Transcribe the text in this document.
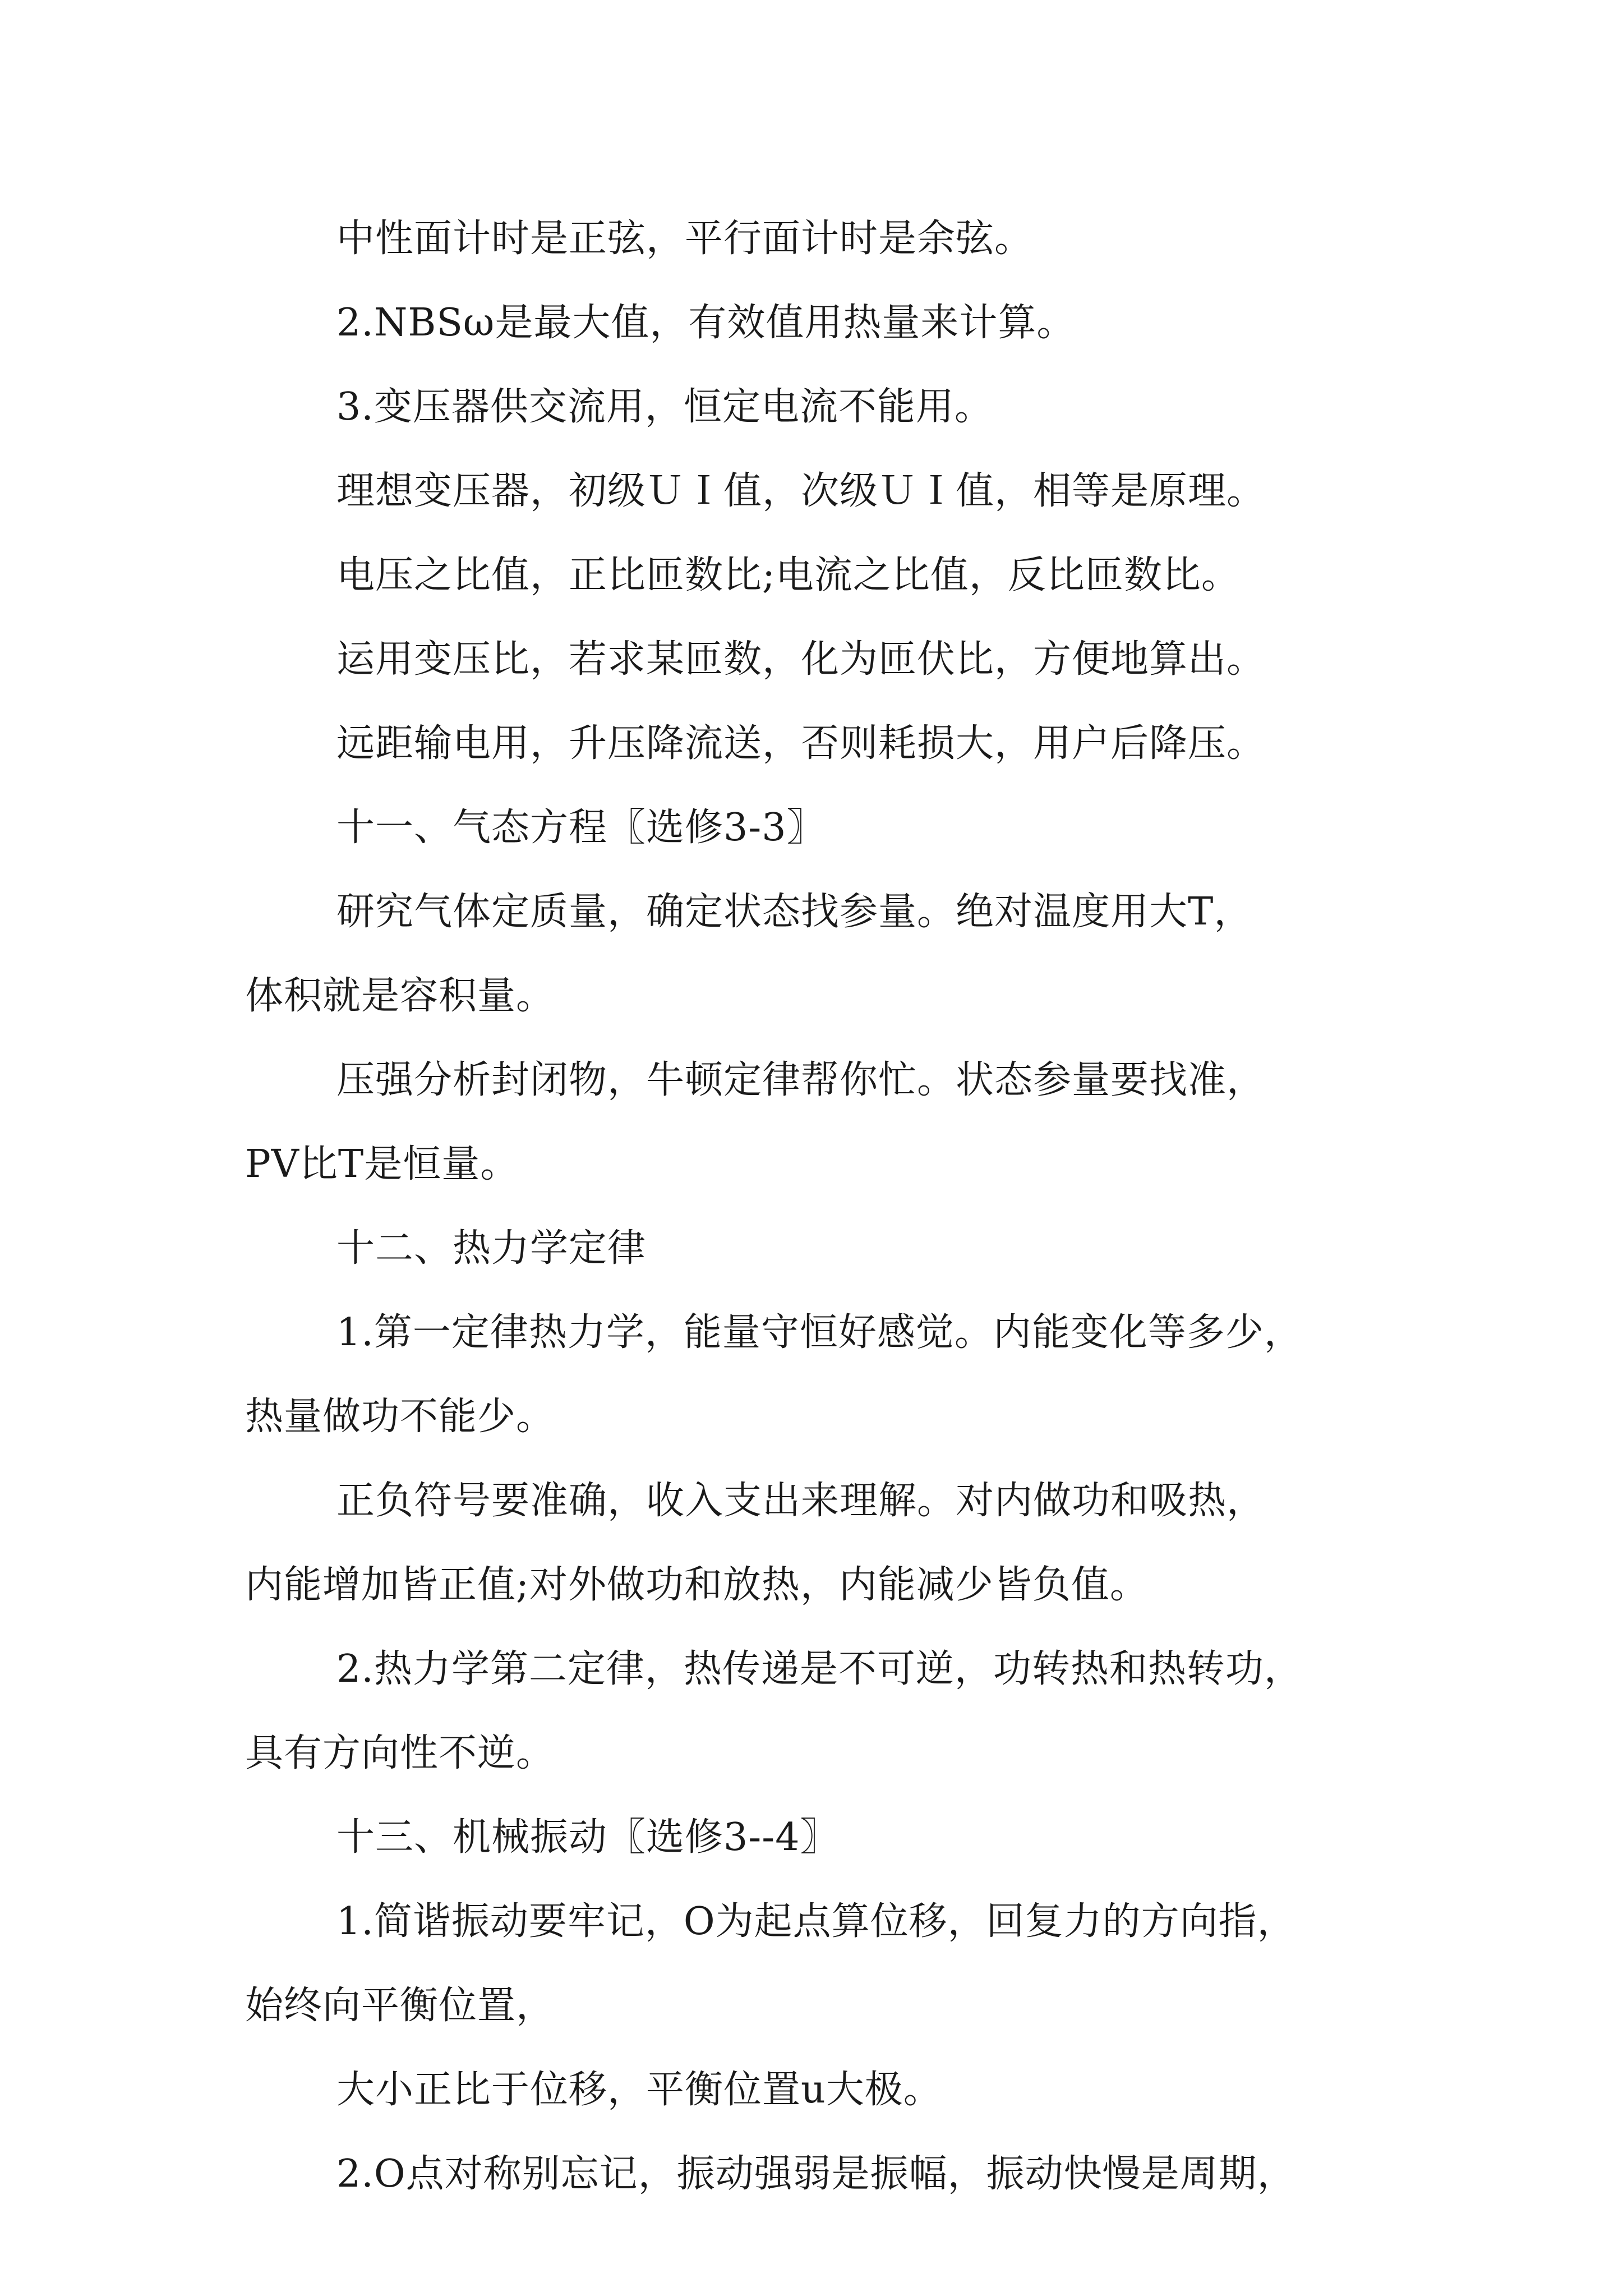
中性面计时是正弦，平行面计时是余弦。
2.NBSω是最大值，有效值用热量来计算。
3.变压器供交流用，恒定电流不能用。
理想变压器，初级ＵＩ值，次级ＵＩ值，相等是原理。
电压之比值，正比匝数比;电流之比值，反比匝数比。
运用变压比，若求某匝数，化为匝伏比，方便地算出。
远距输电用，升压降流送，否则耗损大，用户后降压。
十一、气态方程〖选修3-3〗
研究气体定质量，确定状态找参量。绝对温度用大T，
体积就是容积量。
压强分析封闭物，牛顿定律帮你忙。状态参量要找准，
PV比T是恒量。
十二、热力学定律
1.第一定律热力学，能量守恒好感觉。内能变化等多少，
热量做功不能少。
正负符号要准确，收入支出来理解。对内做功和吸热，
内能增加皆正值;对外做功和放热，内能减少皆负值。
2.热力学第二定律，热传递是不可逆，功转热和热转功，
具有方向性不逆。
十三、机械振动〖选修3--4〗
1.简谐振动要牢记，O为起点算位移，回复力的方向指，
始终向平衡位置，
大小正比于位移，平衡位置u大极。
2.O点对称别忘记，振动强弱是振幅，振动快慢是周期，
